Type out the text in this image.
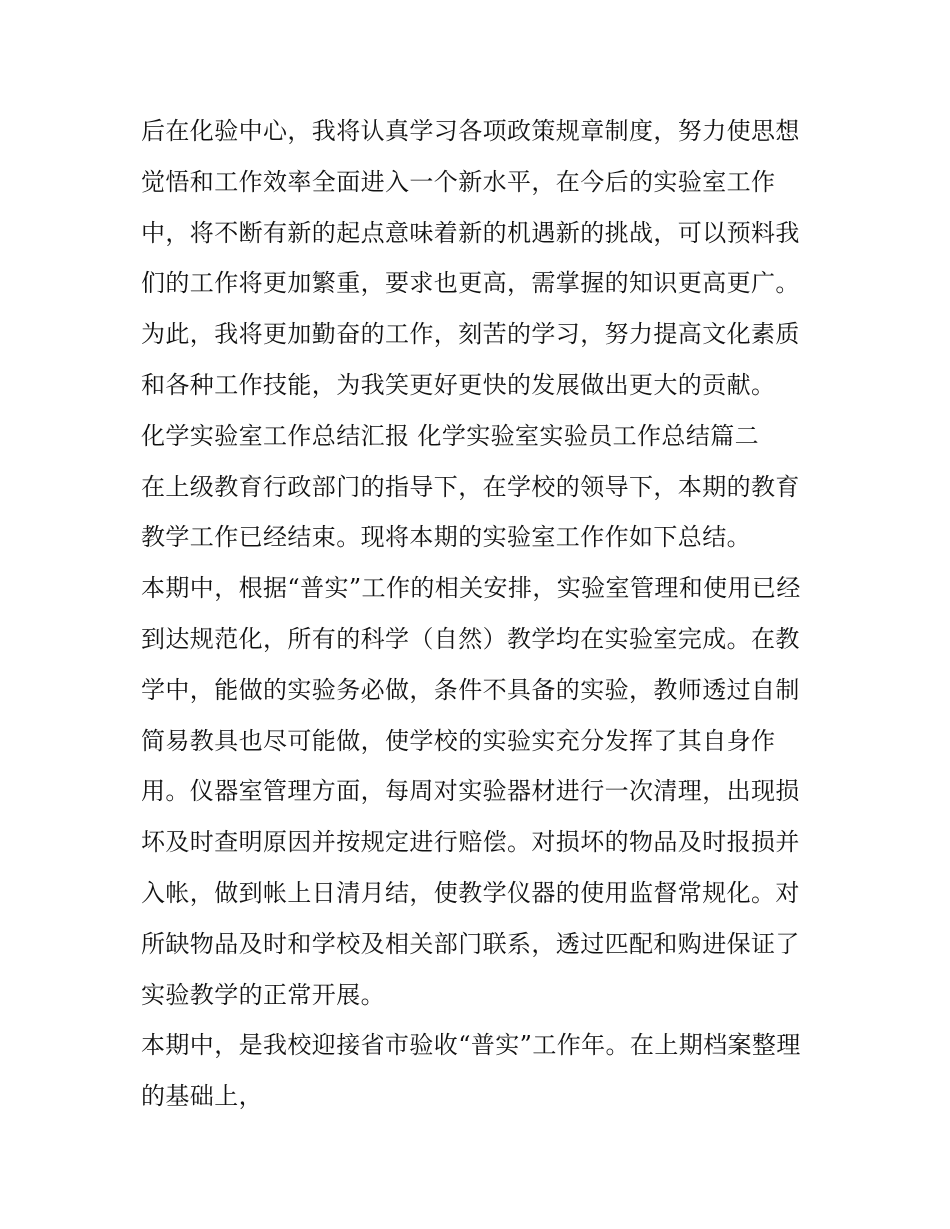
后在化验中心，我将认真学习各项政策规章制度，努力使思想
觉悟和工作效率全面进入一个新水平，在今后的实验室工作
中，将不断有新的起点意味着新的机遇新的挑战，可以预料我
们的工作将更加繁重，要求也更高，需掌握的知识更高更广。
为此，我将更加勤奋的工作，刻苦的学习，努力提高文化素质
和各种工作技能，为我笑更好更快的发展做出更大的贡献。
化学实验室工作总结汇报 化学实验室实验员工作总结篇二
在上级教育行政部门的指导下，在学校的领导下，本期的教育
教学工作已经结束。现将本期的实验室工作作如下总结。
本期中，根据“普实”工作的相关安排，实验室管理和使用已经
到达规范化，所有的科学（自然）教学均在实验室完成。在教
学中，能做的实验务必做，条件不具备的实验，教师透过自制
简易教具也尽可能做，使学校的实验实充分发挥了其自身作
用。仪器室管理方面，每周对实验器材进行一次清理，出现损
坏及时查明原因并按规定进行赔偿。对损坏的物品及时报损并
入帐，做到帐上日清月结，使教学仪器的使用监督常规化。对
所缺物品及时和学校及相关部门联系，透过匹配和购进保证了
实验教学的正常开展。
本期中，是我校迎接省市验收“普实”工作年。在上期档案整理
的基础上，
